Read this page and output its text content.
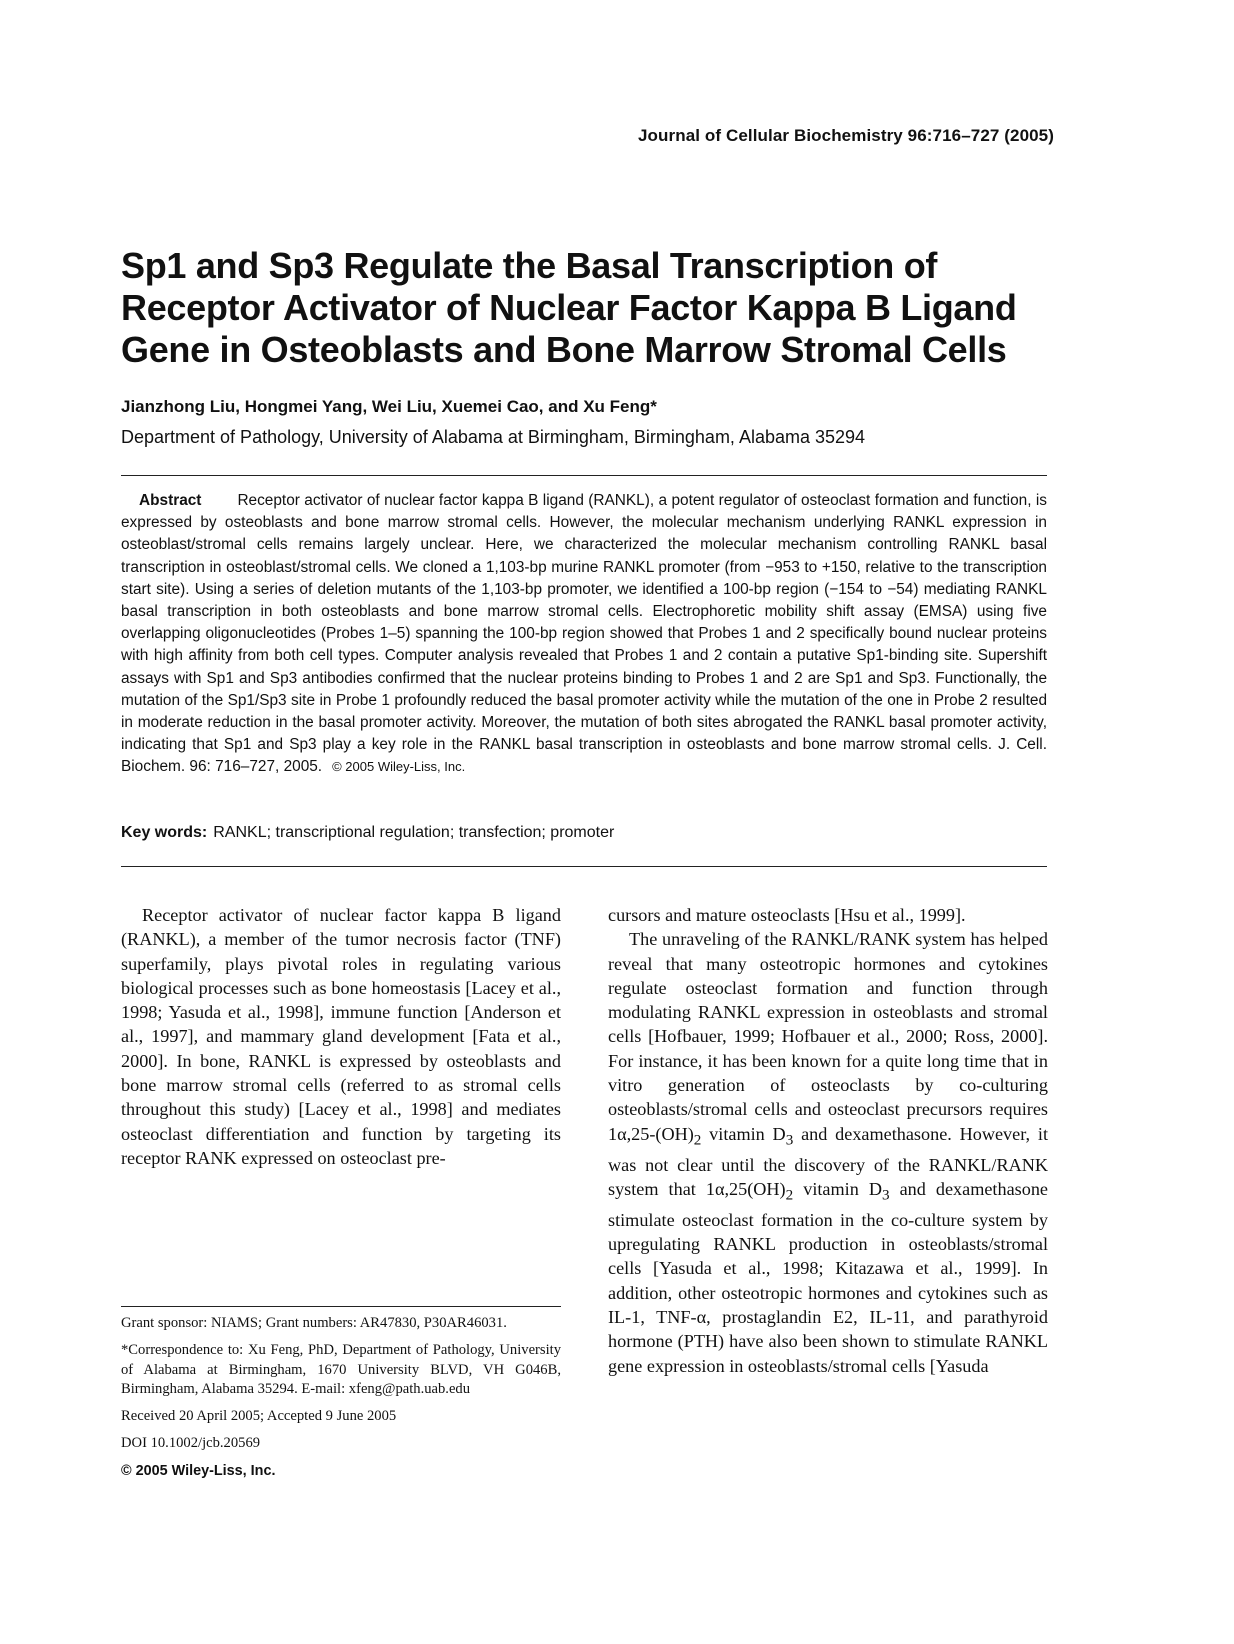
Journal of Cellular Biochemistry 96:716–727 (2005)
Sp1 and Sp3 Regulate the Basal Transcription of Receptor Activator of Nuclear Factor Kappa B Ligand Gene in Osteoblasts and Bone Marrow Stromal Cells
Jianzhong Liu, Hongmei Yang, Wei Liu, Xuemei Cao, and Xu Feng*
Department of Pathology, University of Alabama at Birmingham, Birmingham, Alabama 35294
Abstract Receptor activator of nuclear factor kappa B ligand (RANKL), a potent regulator of osteoclast formation and function, is expressed by osteoblasts and bone marrow stromal cells. However, the molecular mechanism underlying RANKL expression in osteoblast/stromal cells remains largely unclear. Here, we characterized the molecular mechanism controlling RANKL basal transcription in osteoblast/stromal cells. We cloned a 1,103-bp murine RANKL promoter (from −953 to +150, relative to the transcription start site). Using a series of deletion mutants of the 1,103-bp promoter, we identified a 100-bp region (−154 to −54) mediating RANKL basal transcription in both osteoblasts and bone marrow stromal cells. Electrophoretic mobility shift assay (EMSA) using five overlapping oligonucleotides (Probes 1–5) spanning the 100-bp region showed that Probes 1 and 2 specifically bound nuclear proteins with high affinity from both cell types. Computer analysis revealed that Probes 1 and 2 contain a putative Sp1-binding site. Supershift assays with Sp1 and Sp3 antibodies confirmed that the nuclear proteins binding to Probes 1 and 2 are Sp1 and Sp3. Functionally, the mutation of the Sp1/Sp3 site in Probe 1 profoundly reduced the basal promoter activity while the mutation of the one in Probe 2 resulted in moderate reduction in the basal promoter activity. Moreover, the mutation of both sites abrogated the RANKL basal promoter activity, indicating that Sp1 and Sp3 play a key role in the RANKL basal transcription in osteoblasts and bone marrow stromal cells. J. Cell. Biochem. 96: 716–727, 2005. © 2005 Wiley-Liss, Inc.
Key words: RANKL; transcriptional regulation; transfection; promoter

Receptor activator of nuclear factor kappa B ligand (RANKL), a member of the tumor necrosis factor (TNF) superfamily, plays pivotal roles in regulating various biological processes such as bone homeostasis [Lacey et al., 1998; Yasuda et al., 1998], immune function [Anderson et al., 1997], and mammary gland development [Fata et al., 2000]. In bone, RANKL is expressed by osteoblasts and bone marrow stromal cells (referred to as stromal cells throughout this study) [Lacey et al., 1998] and mediates osteoclast differentiation and function by targeting its receptor RANK expressed on osteoclast pre-

cursors and mature osteoclasts [Hsu et al., 1999].

The unraveling of the RANKL/RANK system has helped reveal that many osteotropic hormones and cytokines regulate osteoclast formation and function through modulating RANKL expression in osteoblasts and stromal cells [Hofbauer, 1999; Hofbauer et al., 2000; Ross, 2000]. For instance, it has been known for a quite long time that in vitro generation of osteoclasts by co-culturing osteoblasts/stromal cells and osteoclast precursors requires $1\alpha,25-(OH)_2$ vitamin $D_3$ and dexamethasone. However, it was not clear until the discovery of the RANKL/RANK system that $1\alpha,25(OH)_2$ vitamin $D_3$ and dexamethasone stimulate osteoclast formation in the co-culture system by upregulating RANKL production in osteoblasts/stromal cells [Yasuda et al., 1998; Kitazawa et al., 1999]. In addition, other osteotropic hormones and cytokines such as IL-1, TNF-α, prostaglandin E2, IL-11, and parathyroid hormone (PTH) have also been shown to stimulate RANKL gene expression in osteoblasts/stromal cells [Yasuda

Grant sponsor: NIAMS; Grant numbers: AR47830, P30AR46031.

*Correspondence to: Xu Feng, PhD, Department of Pathology, University of Alabama at Birmingham, 1670 University BLVD, VH G046B, Birmingham, Alabama 35294. E-mail: xfeng@path.uab.edu

Received 20 April 2005; Accepted 9 June 2005

DOI 10.1002/jcb.20569

© 2005 Wiley-Liss, Inc.
